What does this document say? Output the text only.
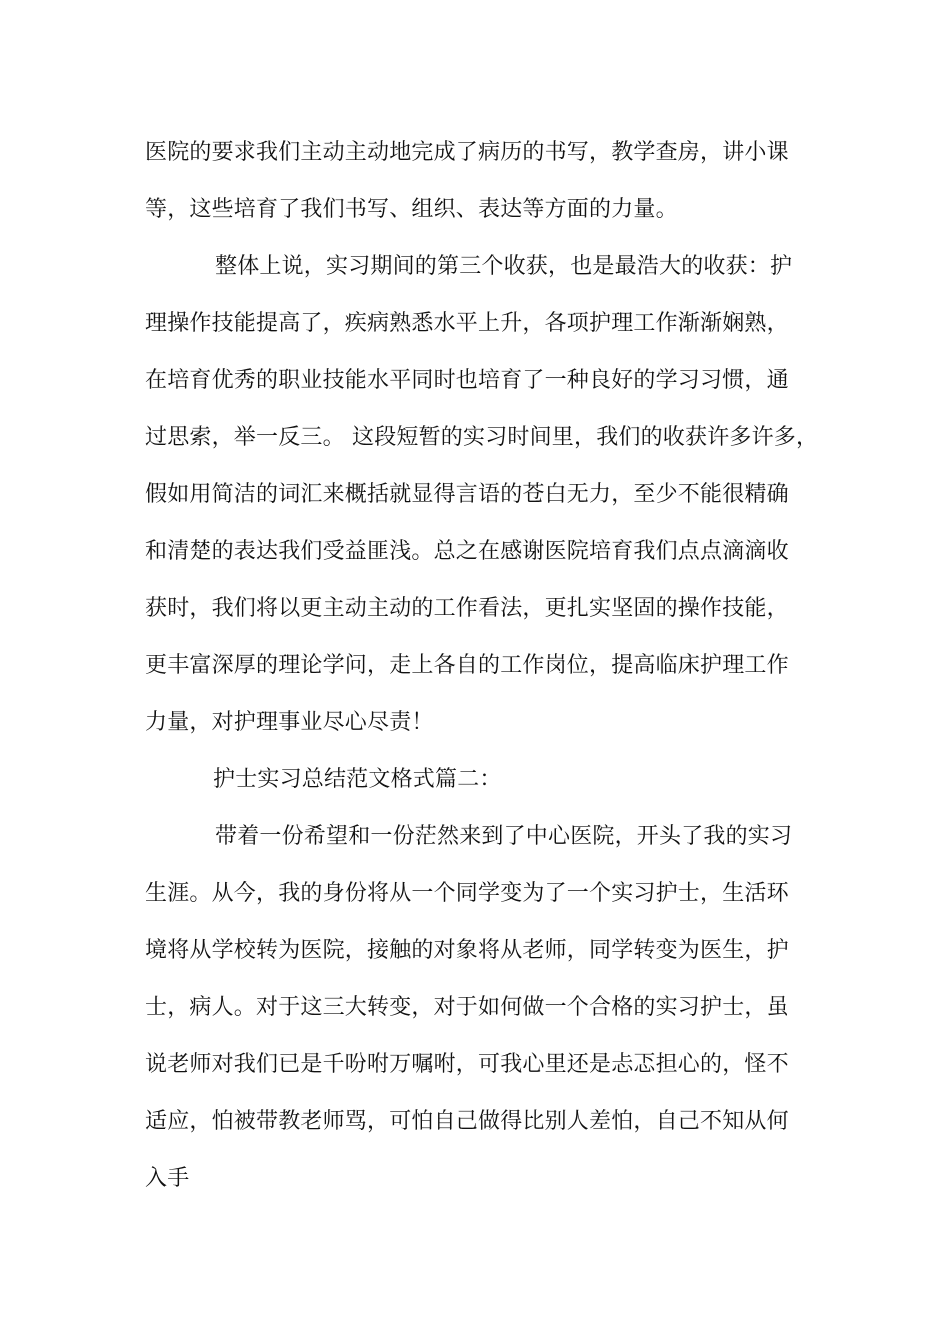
医院的要求我们主动主动地完成了病历的书写，教学查房，讲小课
等，这些培育了我们书写、组织、表达等方面的力量。
整体上说，实习期间的第三个收获，也是最浩大的收获：护
理操作技能提高了，疾病熟悉水平上升，各项护理工作渐渐娴熟，
在培育优秀的职业技能水平同时也培育了一种良好的学习习惯，通
过思索，举一反三。 这段短暂的实习时间里，我们的收获许多许多，
假如用简洁的词汇来概括就显得言语的苍白无力，至少不能很精确
和清楚的表达我们受益匪浅。总之在感谢医院培育我们点点滴滴收
获时，我们将以更主动主动的工作看法，更扎实坚固的操作技能，
更丰富深厚的理论学问，走上各自的工作岗位，提高临床护理工作
力量，对护理事业尽心尽责！
护士实习总结范文格式篇二：
带着一份希望和一份茫然来到了中心医院，开头了我的实习
生涯。从今，我的身份将从一个同学变为了一个实习护士，生活环
境将从学校转为医院，接触的对象将从老师，同学转变为医生，护
士，病人。对于这三大转变，对于如何做一个合格的实习护士，虽
说老师对我们已是千吩咐万嘱咐，可我心里还是忐忑担心的，怪不
适应，怕被带教老师骂，可怕自己做得比别人差怕，自己不知从何
入手
